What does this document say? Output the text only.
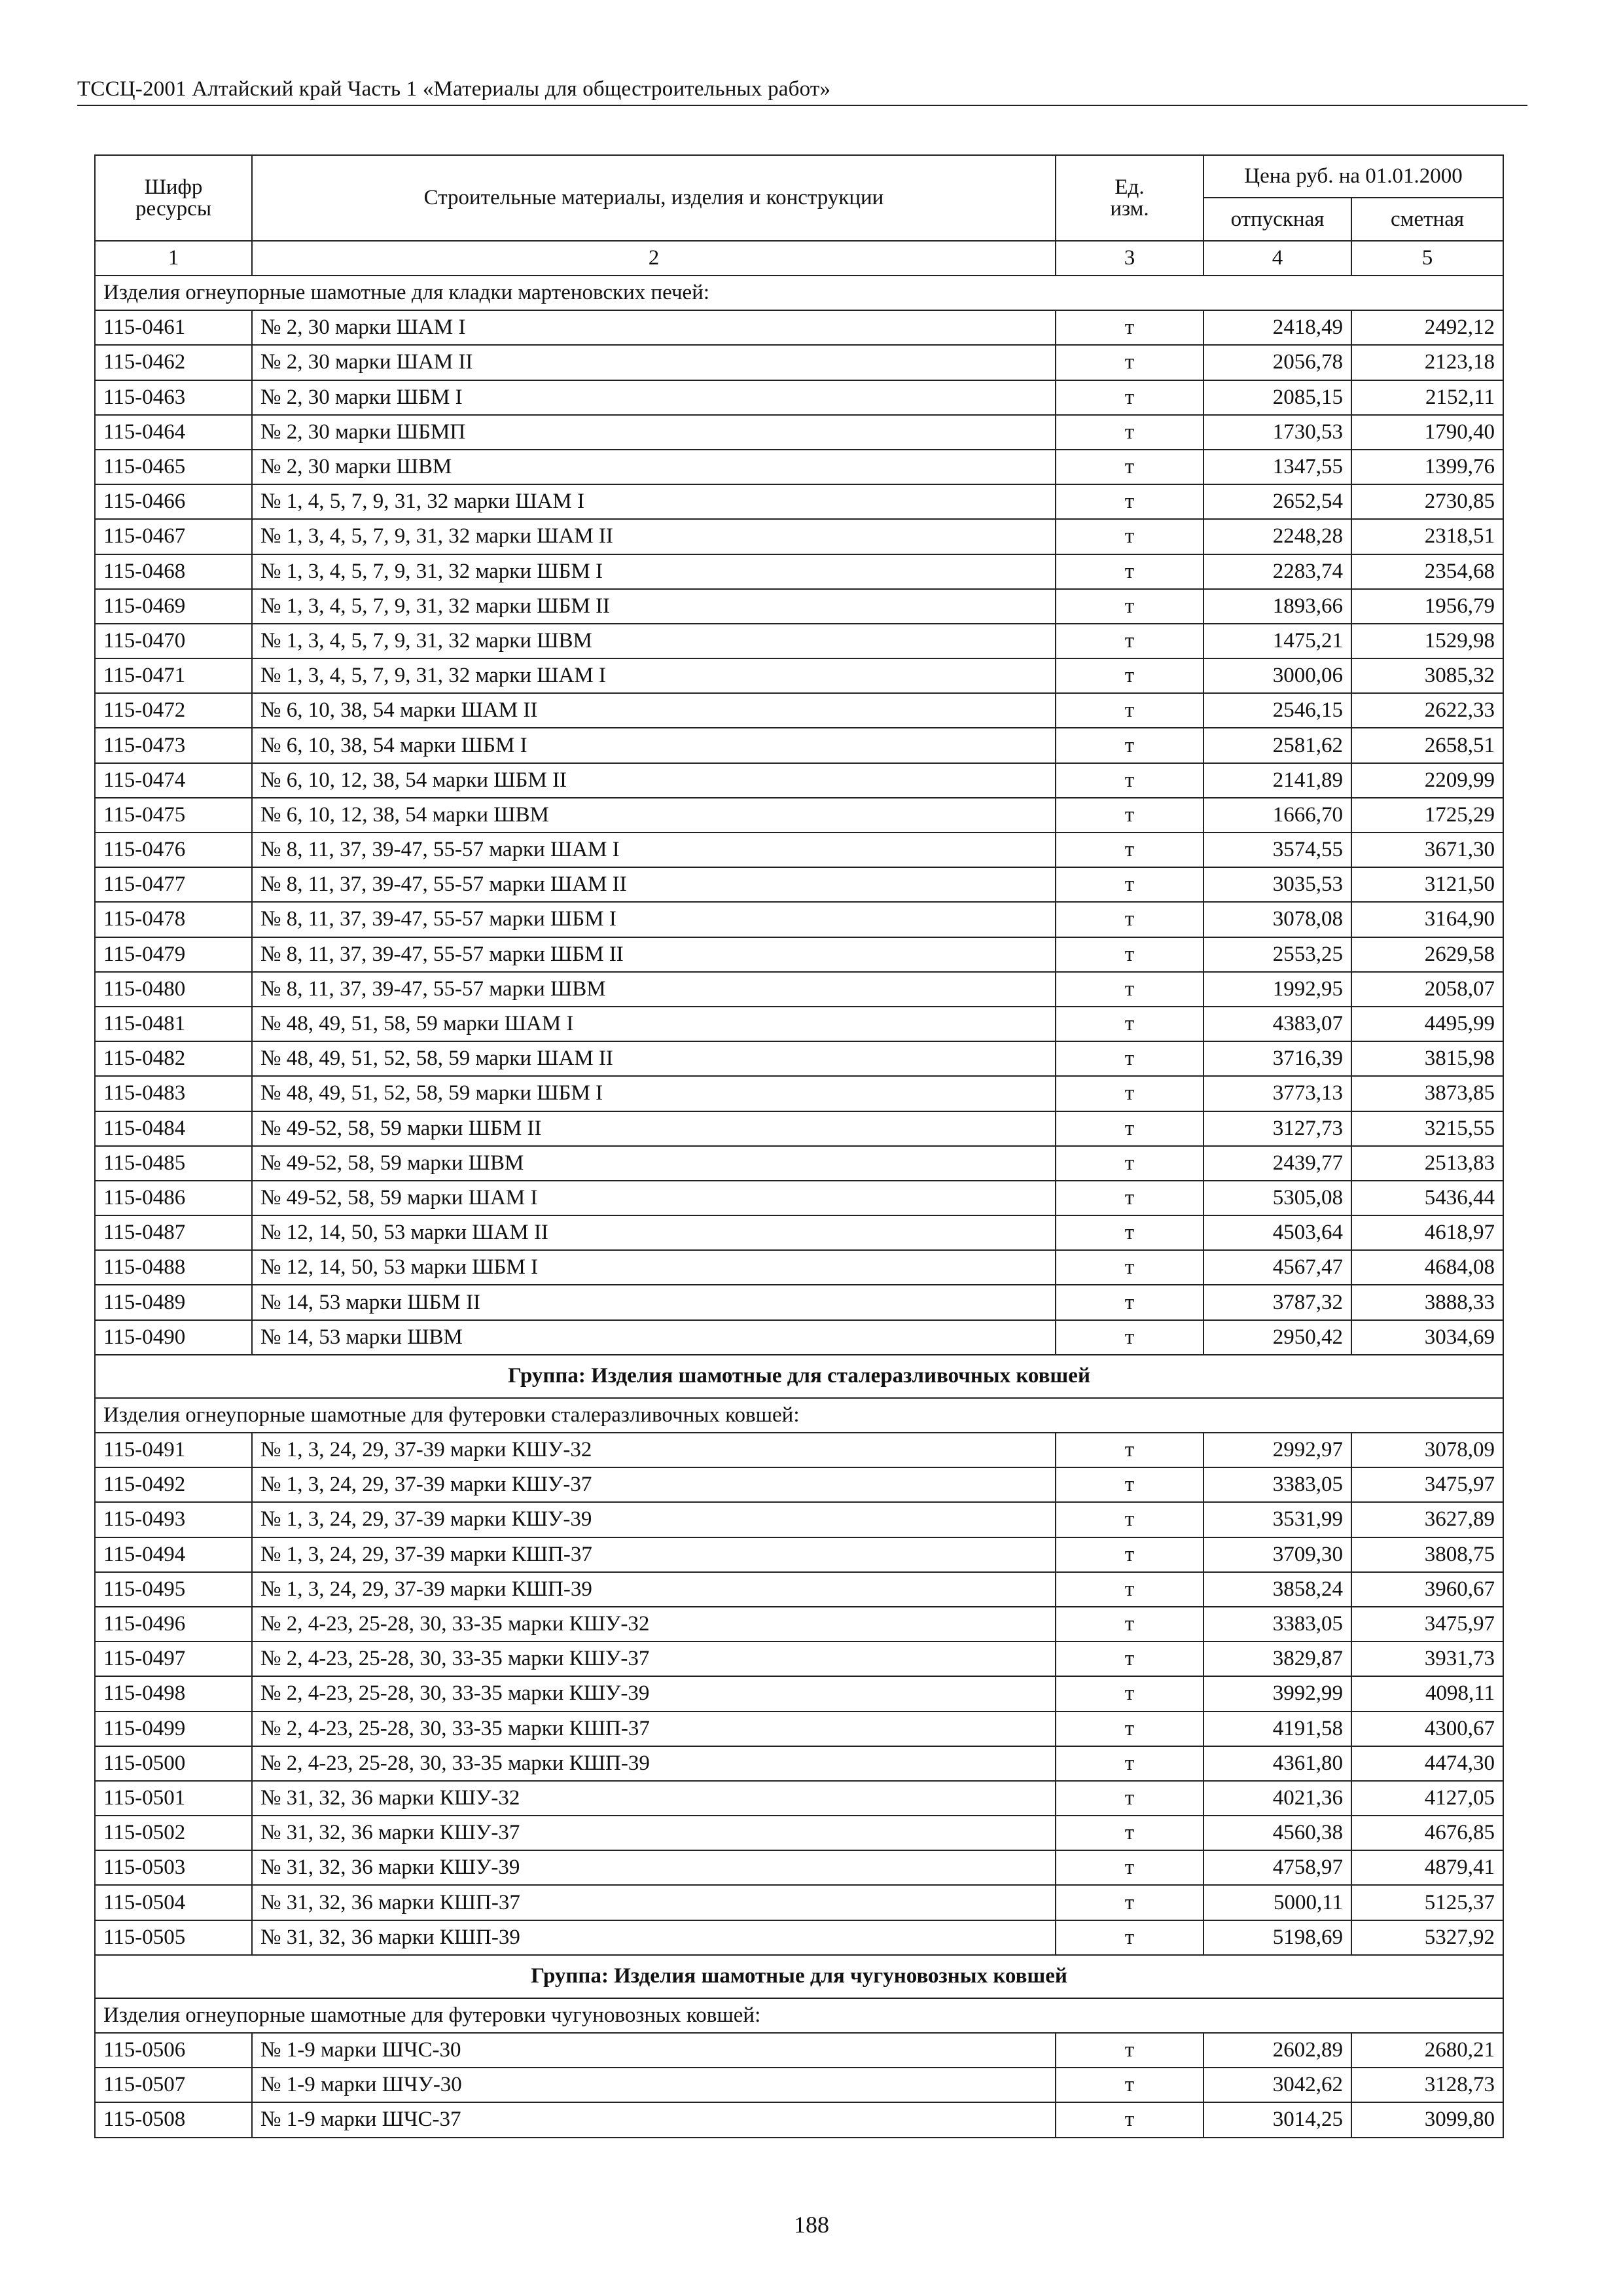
ТССЦ-2001 Алтайский край Часть 1 «Материалы для общестроительных работ»
Шифр
ресурсы	Строительные материалы, изделия и конструкции	Ед.
изм.	Цена руб. на 01.01.2000	
			отпускная	сметная
1	2	3	4	5
Изделия огнеупорные шамотные для кладки мартеновских печей:				
115-0461	№ 2, 30 марки ШАМ I	т	2418,49	2492,12
115-0462	№ 2, 30 марки ШАМ II	т	2056,78	2123,18
115-0463	№ 2, 30 марки ШБМ I	т	2085,15	2152,11
115-0464	№ 2, 30 марки ШБМП	т	1730,53	1790,40
115-0465	№ 2, 30 марки ШВМ	т	1347,55	1399,76
115-0466	№ 1, 4, 5, 7, 9, 31, 32 марки ШАМ I	т	2652,54	2730,85
115-0467	№ 1, 3, 4, 5, 7, 9, 31, 32 марки ШАМ II	т	2248,28	2318,51
115-0468	№ 1, 3, 4, 5, 7, 9, 31, 32 марки ШБМ I	т	2283,74	2354,68
115-0469	№ 1, 3, 4, 5, 7, 9, 31, 32 марки ШБМ II	т	1893,66	1956,79
115-0470	№ 1, 3, 4, 5, 7, 9, 31, 32 марки ШВМ	т	1475,21	1529,98
115-0471	№ 1, 3, 4, 5, 7, 9, 31, 32 марки ШАМ I	т	3000,06	3085,32
115-0472	№ 6, 10, 38, 54 марки ШАМ II	т	2546,15	2622,33
115-0473	№ 6, 10, 38, 54 марки ШБМ I	т	2581,62	2658,51
115-0474	№ 6, 10, 12, 38, 54 марки ШБМ II	т	2141,89	2209,99
115-0475	№ 6, 10, 12, 38, 54 марки ШВМ	т	1666,70	1725,29
115-0476	№ 8, 11, 37, 39-47, 55-57 марки ШАМ I	т	3574,55	3671,30
115-0477	№ 8, 11, 37, 39-47, 55-57 марки ШАМ II	т	3035,53	3121,50
115-0478	№ 8, 11, 37, 39-47, 55-57 марки ШБМ I	т	3078,08	3164,90
115-0479	№ 8, 11, 37, 39-47, 55-57 марки ШБМ II	т	2553,25	2629,58
115-0480	№ 8, 11, 37, 39-47, 55-57 марки ШВМ	т	1992,95	2058,07
115-0481	№ 48, 49, 51, 58, 59 марки ШАМ I	т	4383,07	4495,99
115-0482	№ 48, 49, 51, 52, 58, 59 марки ШАМ II	т	3716,39	3815,98
115-0483	№ 48, 49, 51, 52, 58, 59 марки ШБМ I	т	3773,13	3873,85
115-0484	№ 49-52, 58, 59 марки ШБМ II	т	3127,73	3215,55
115-0485	№ 49-52, 58, 59 марки ШВМ	т	2439,77	2513,83
115-0486	№ 49-52, 58, 59 марки ШАМ I	т	5305,08	5436,44
115-0487	№ 12, 14, 50, 53 марки ШАМ II	т	4503,64	4618,97
115-0488	№ 12, 14, 50, 53 марки ШБМ I	т	4567,47	4684,08
115-0489	№ 14, 53 марки ШБМ II	т	3787,32	3888,33
115-0490	№ 14, 53 марки ШВМ	т	2950,42	3034,69
Группа: Изделия шамотные для сталеразливочных ковшей				
Изделия огнеупорные шамотные для футеровки сталеразливочных ковшей:				
115-0491	№ 1, 3, 24, 29, 37-39 марки КШУ-32	т	2992,97	3078,09
115-0492	№ 1, 3, 24, 29, 37-39 марки КШУ-37	т	3383,05	3475,97
115-0493	№ 1, 3, 24, 29, 37-39 марки КШУ-39	т	3531,99	3627,89
115-0494	№ 1, 3, 24, 29, 37-39 марки КШП-37	т	3709,30	3808,75
115-0495	№ 1, 3, 24, 29, 37-39 марки КШП-39	т	3858,24	3960,67
115-0496	№ 2, 4-23, 25-28, 30, 33-35 марки КШУ-32	т	3383,05	3475,97
115-0497	№ 2, 4-23, 25-28, 30, 33-35 марки КШУ-37	т	3829,87	3931,73
115-0498	№ 2, 4-23, 25-28, 30, 33-35 марки КШУ-39	т	3992,99	4098,11
115-0499	№ 2, 4-23, 25-28, 30, 33-35 марки КШП-37	т	4191,58	4300,67
115-0500	№ 2, 4-23, 25-28, 30, 33-35 марки КШП-39	т	4361,80	4474,30
115-0501	№ 31, 32, 36 марки КШУ-32	т	4021,36	4127,05
115-0502	№ 31, 32, 36 марки КШУ-37	т	4560,38	4676,85
115-0503	№ 31, 32, 36 марки КШУ-39	т	4758,97	4879,41
115-0504	№ 31, 32, 36 марки КШП-37	т	5000,11	5125,37
115-0505	№ 31, 32, 36 марки КШП-39	т	5198,69	5327,92
Группа: Изделия шамотные для чугуновозных ковшей				
Изделия огнеупорные шамотные для футеровки чугуновозных ковшей:				
115-0506	№ 1-9 марки ШЧС-30	т	2602,89	2680,21
115-0507	№ 1-9 марки ШЧУ-30	т	3042,62	3128,73
115-0508	№ 1-9 марки ШЧС-37	т	3014,25	3099,80
188
